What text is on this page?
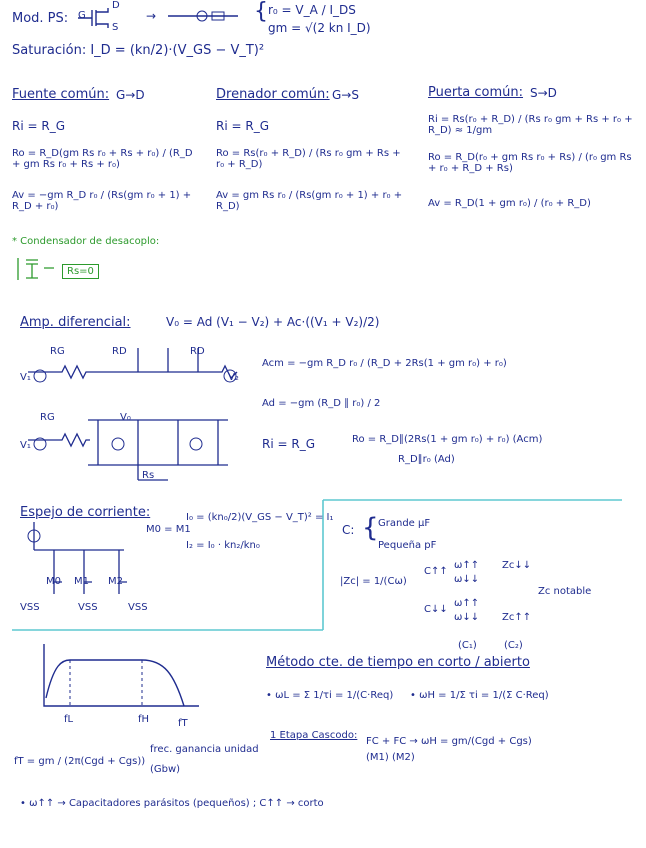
Mod. PS: G
D
S
→	{ r₀ = V_A / I_DS
gm = √(2 kn I_D)
Saturación: I_D = (kn/2)·(V_GS − V_T)²
Fuente común: G→D
Ri = R_G
Ro = R_D(gm Rs r₀ + Rs + r₀) / (R_D + gm Rs r₀ + Rs + r₀)
Av = −gm R_D r₀ / (Rs(gm r₀ + 1) + R_D + r₀)
Drenador común: G→S
Ri = R_G
Ro = Rs(r₀ + R_D) / (Rs r₀ gm + Rs + r₀ + R_D)
Av = gm Rs r₀ / (Rs(gm r₀ + 1) + r₀ + R_D)
Puerta común: S→D
Ri = Rs(r₀ + R_D) / (Rs r₀ gm + Rs + r₀ + R_D) ≈ 1/gm
Ro = R_D(r₀ + gm Rs r₀ + Rs) / (r₀ gm Rs + r₀ + R_D + Rs)
Av = R_D(1 + gm r₀) / (r₀ + R_D)
* Condensador de desacoplo:
Rs=0
Amp. diferencial:	V₀ = Ad (V₁ − V₂) + Ac·((V₁ + V₂)/2)
RG	RD	RD
V₁	V₂
RG	V₀
V₁
Rs
Acm = −gm R_D r₀ / (R_D + 2Rs(1 + gm r₀) + r₀)
Ad = −gm (R_D ∥ r₀) / 2
Ri = R_G	Ro = R_D∥(2Rs(1 + gm r₀) + r₀) (Acm)
R_D∥r₀ (Ad)
Espejo de corriente:
M0 M1 M2
VSS	VSS	VSS
M0 = M1
I₀ = (kn₀/2)(V_GS − V_T)² = I₁
I₂ = I₀ · kn₂/kn₀
C: { Grande μF
Pequeña pF
|Zc| = 1/(Cω)
C↑↑
ω↑↑
ω↓↓
Zc↓↓
C↓↓
ω↑↑
ω↓↓ Zc↑↑
Zc notable
fL	fH	fT
(C₁)	(C₂)
Método cte. de tiempo en corto / abierto
• ωL = Σ 1/τi = 1/(C·Req) • ωH = 1/Σ τi = 1/(Σ C·Req)
1 Etapa Cascodo:
FC + FC → ωH = gm/(Cgd + Cgs)
(M1) (M2)
fT = gm / (2π(Cgd + Cgs))
frec. ganancia unidad
(Gbw)
• ω↑↑ → Capacitadores parásitos (pequeños) ; C↑↑ → corto
